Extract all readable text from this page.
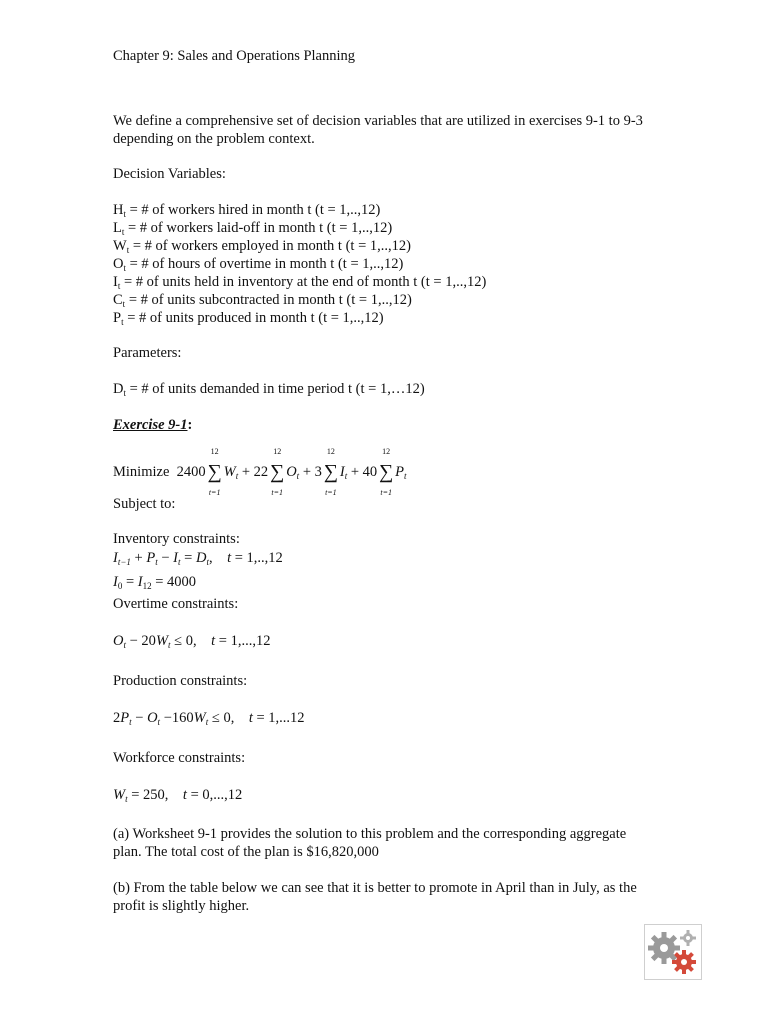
Chapter 9: Sales and Operations Planning
We define a comprehensive set of decision variables that are utilized in exercises 9-1 to 9-3 depending on the problem context.
Decision Variables:
$H_t$ = # of workers hired in month t (t = 1,..,12)
$L_t$ = # of workers laid-off in month t (t = 1,..,12)
$W_t$ = # of workers employed in month t (t = 1,..,12)
$O_t$ = # of hours of overtime in month t (t = 1,..,12)
$I_t$ = # of units held in inventory at the end of month t (t = 1,..,12)
$C_t$ = # of units subcontracted in month t (t = 1,..,12)
$P_t$ = # of units produced in month t (t = 1,..,12)
Parameters:
$D_t$ = # of units demanded in time period t (t = 1,…12)
Exercise 9-1:
Minimize 2400
12
∑
t=1
$W_t + 22$
12
∑
t=1
$O_t + 3$
12
∑
t=1
$I_t + 40$
12
∑
t=1
$P_t$
Subject to:
Inventory constraints:
$I_{t-1} + P_t - I_t = D_t$,    t = 1,..,12
$I_0 = I_{12} = 4000$
Overtime constraints:
$O_t - 20W_t \le 0$,    t = 1,...,12
Production constraints:
$2P_t - O_t -160W_t \le 0$,    t = 1,...12
Workforce constraints:
$W_t = 250$,    t = 0,...,12
(a) Worksheet 9-1 provides the solution to this problem and the corresponding aggregate plan. The total cost of the plan is $16,820,000
(b) From the table below we can see that it is better to promote in April than in July, as the profit is slightly higher.
